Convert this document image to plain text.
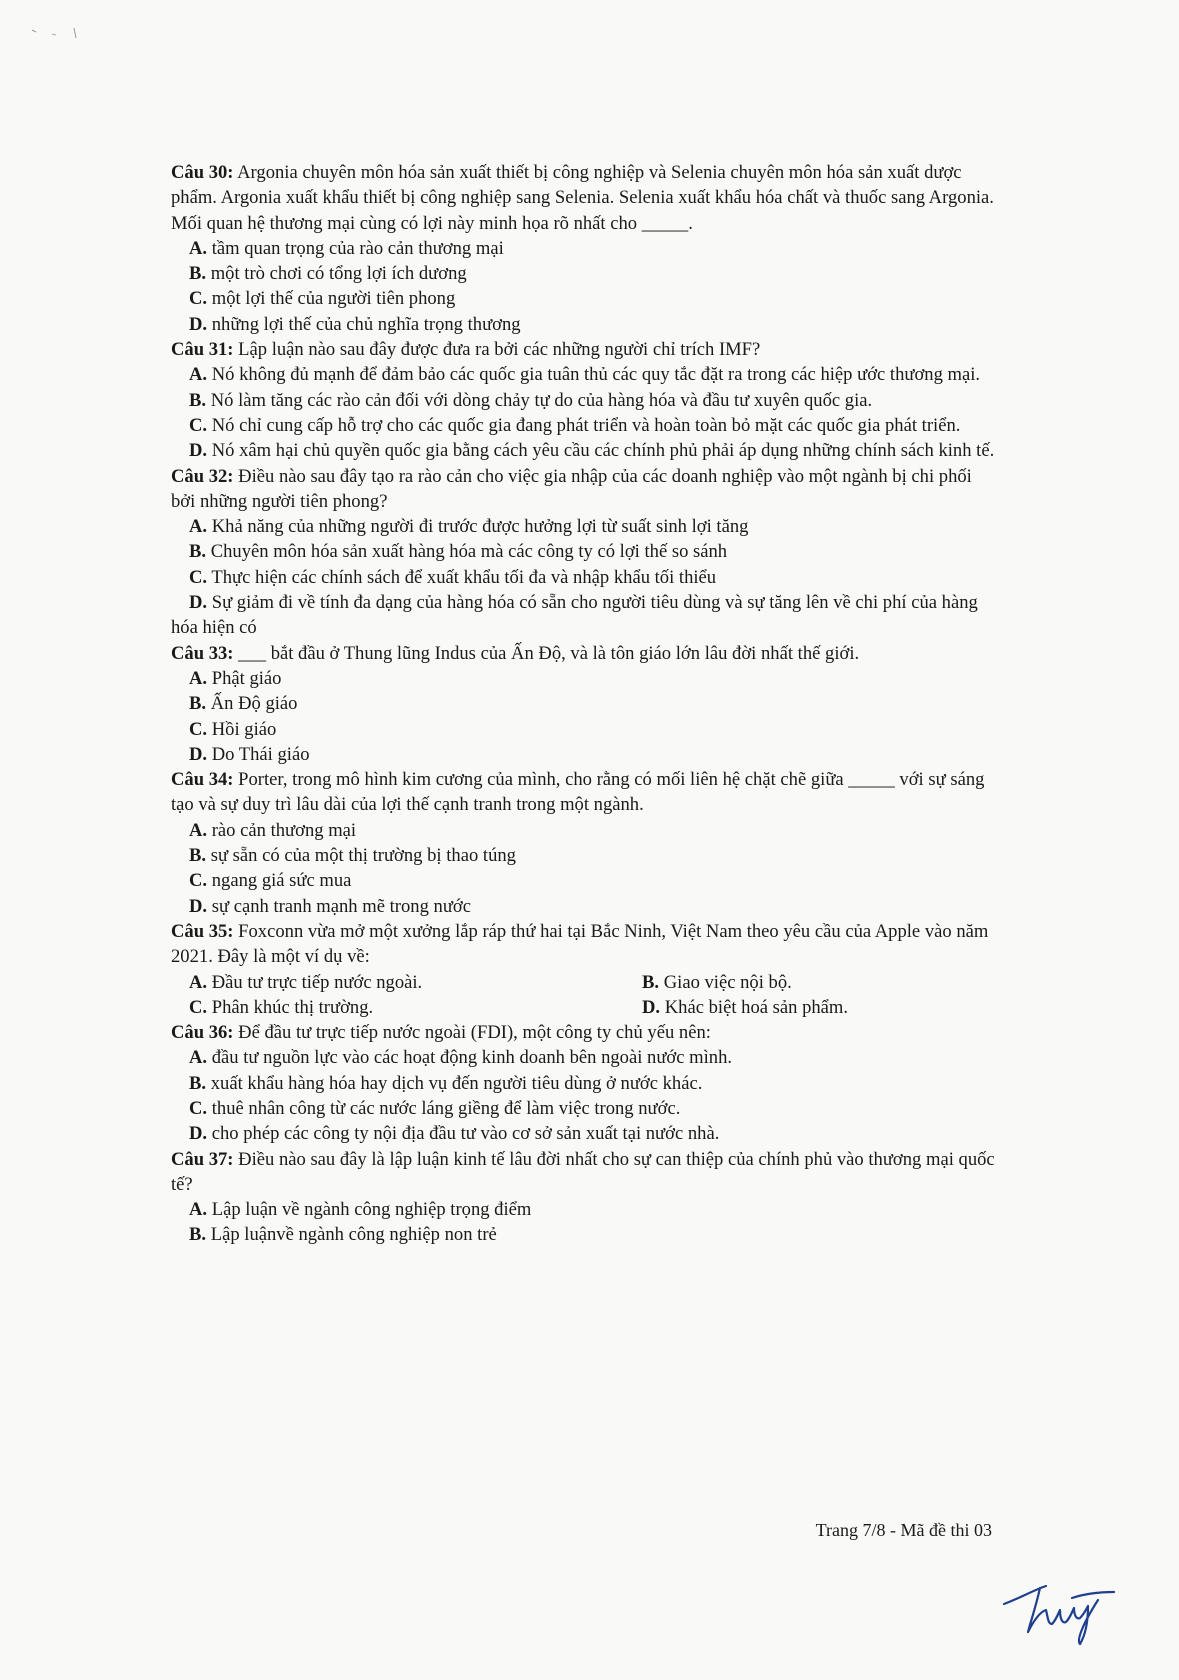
Câu 30: Argonia chuyên môn hóa sản xuất thiết bị công nghiệp và Selenia chuyên môn hóa sản xuất dược phẩm. Argonia xuất khẩu thiết bị công nghiệp sang Selenia. Selenia xuất khẩu hóa chất và thuốc sang Argonia. Mối quan hệ thương mại cùng có lợi này minh họa rõ nhất cho _____.

A. tầm quan trọng của rào cản thương mại

B. một trò chơi có tổng lợi ích dương

C. một lợi thế của người tiên phong

D. những lợi thế của chủ nghĩa trọng thương

Câu 31: Lập luận nào sau đây được đưa ra bởi các những người chỉ trích IMF?

A. Nó không đủ mạnh để đảm bảo các quốc gia tuân thủ các quy tắc đặt ra trong các hiệp ước thương mại.

B. Nó làm tăng các rào cản đối với dòng chảy tự do của hàng hóa và đầu tư xuyên quốc gia.

C. Nó chỉ cung cấp hỗ trợ cho các quốc gia đang phát triển và hoàn toàn bỏ mặt các quốc gia phát triển.

D. Nó xâm hại chủ quyền quốc gia bằng cách yêu cầu các chính phủ phải áp dụng những chính sách kinh tế.

Câu 32: Điều nào sau đây tạo ra rào cản cho việc gia nhập của các doanh nghiệp vào một ngành bị chi phối bởi những người tiên phong?

A. Khả năng của những người đi trước được hưởng lợi từ suất sinh lợi tăng

B. Chuyên môn hóa sản xuất hàng hóa mà các công ty có lợi thế so sánh

C. Thực hiện các chính sách để xuất khẩu tối đa và nhập khẩu tối thiểu

D. Sự giảm đi về tính đa dạng của hàng hóa có sẵn cho người tiêu dùng và sự tăng lên về chi phí của hàng hóa hiện có

Câu 33: ___ bắt đầu ở Thung lũng Indus của Ấn Độ, và là tôn giáo lớn lâu đời nhất thế giới.

A. Phật giáo

B. Ấn Độ giáo

C. Hồi giáo

D. Do Thái giáo

Câu 34: Porter, trong mô hình kim cương của mình, cho rằng có mối liên hệ chặt chẽ giữa _____ với sự sáng tạo và sự duy trì lâu dài của lợi thế cạnh tranh trong một ngành.

A. rào cản thương mại

B. sự sẵn có của một thị trường bị thao túng

C. ngang giá sức mua

D. sự cạnh tranh mạnh mẽ trong nước

Câu 35: Foxconn vừa mở một xưởng lắp ráp thứ hai tại Bắc Ninh, Việt Nam theo yêu cầu của Apple vào năm 2021. Đây là một ví dụ về:

A. Đầu tư trực tiếp nước ngoài.	B. Giao việc nội bộ.
C. Phân khúc thị trường.	D. Khác biệt hoá sản phẩm.

Câu 36: Để đầu tư trực tiếp nước ngoài (FDI), một công ty chủ yếu nên:

A. đầu tư nguồn lực vào các hoạt động kinh doanh bên ngoài nước mình.

B. xuất khẩu hàng hóa hay dịch vụ đến người tiêu dùng ở nước khác.

C. thuê nhân công từ các nước láng giềng để làm việc trong nước.

D. cho phép các công ty nội địa đầu tư vào cơ sở sản xuất tại nước nhà.

Câu 37: Điều nào sau đây là lập luận kinh tế lâu đời nhất cho sự can thiệp của chính phủ vào thương mại quốc tế?

A. Lập luận về ngành công nghiệp trọng điểm

B. Lập luậnvề ngành công nghiệp non trẻ

Trang 7/8 - Mã đề thi 03
